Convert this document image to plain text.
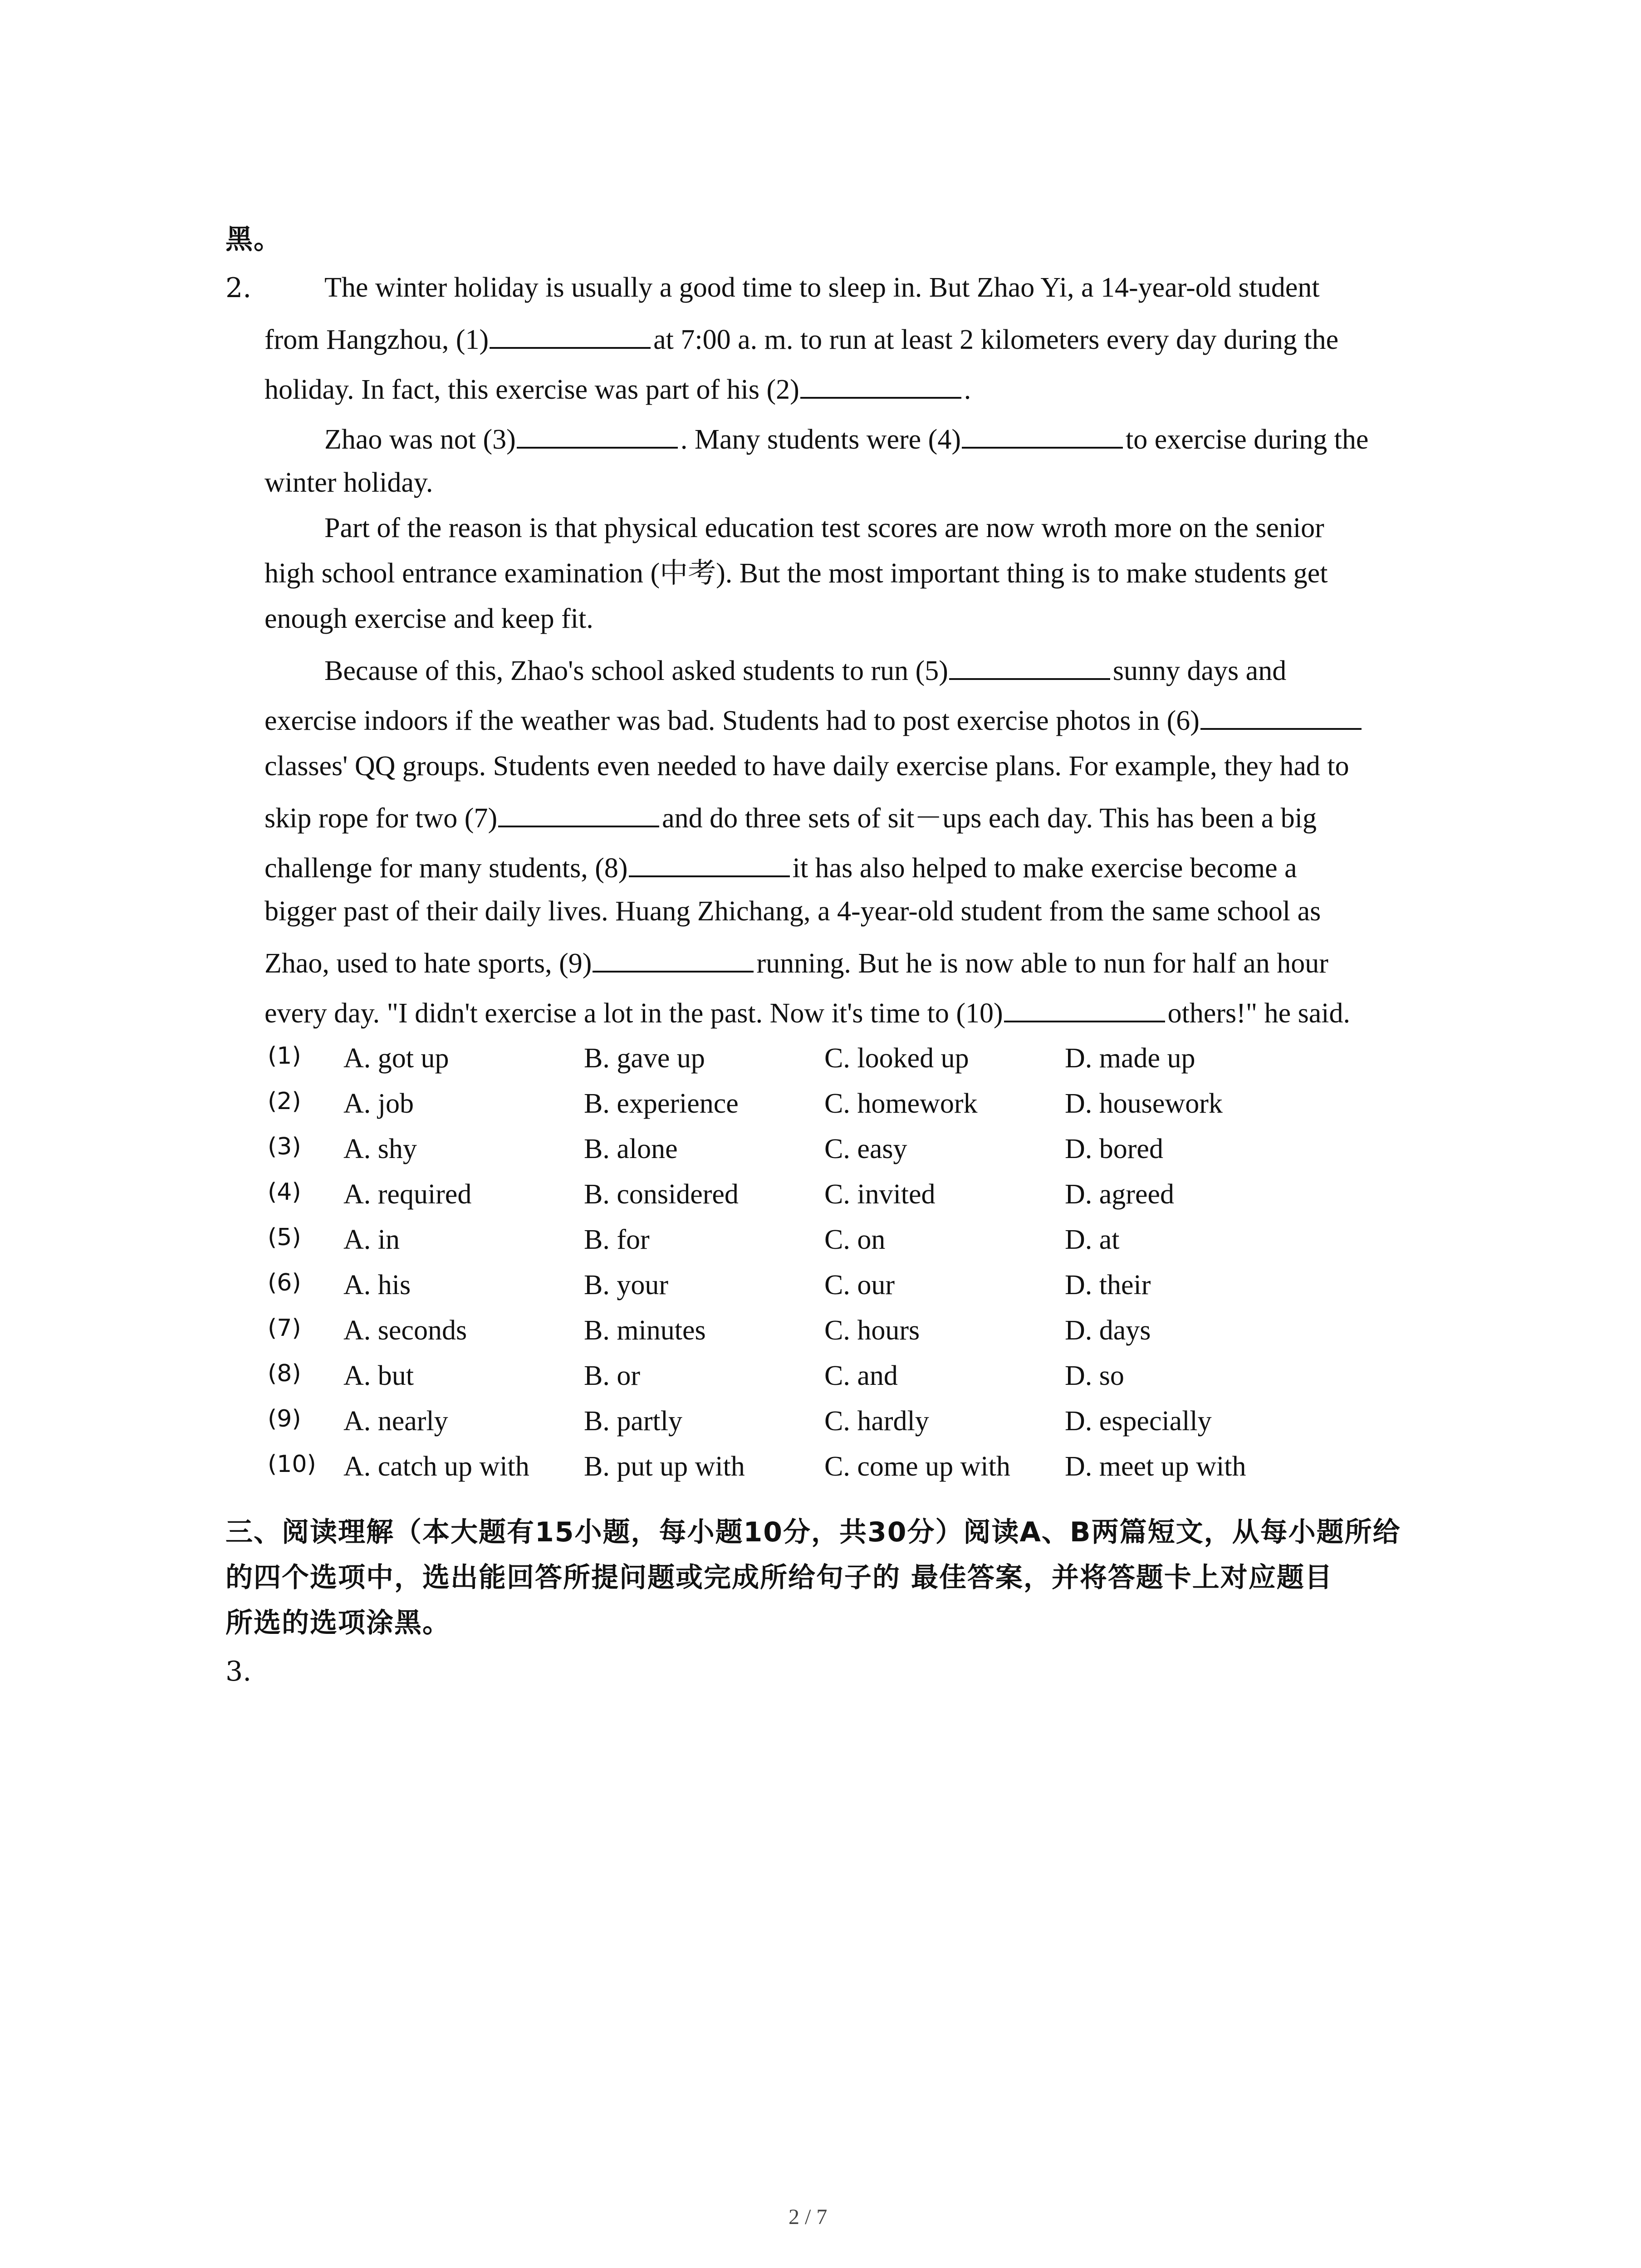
黑。
2.	The winter holiday is usually a good time to sleep in. But Zhao Yi, a 14-year-old student
from Hangzhou, (1)	at 7:00 a. m. to run at least 2 kilometers every day during the
holiday. In fact, this exercise was part of his (2)	.
Zhao was not (3)	. Many students were (4)	to exercise during the
winter holiday.
Part of the reason is that physical education test scores are now wroth more on the senior
high school entrance examination (中考). But the most important thing is to make students get
enough exercise and keep fit.
Because of this, Zhao's school asked students to run (5)	sunny days and
exercise indoors if the weather was bad. Students had to post exercise photos in (6)
classes' QQ groups. Students even needed to have daily exercise plans. For example, they had to
skip rope for two (7)	and do three sets of sit－ups each day. This has been a big
challenge for many students, (8)	it has also helped to make exercise become a
bigger past of their daily lives. Huang Zhichang, a 4-year-old student from the same school as
Zhao, used to hate sports, (9)	running. But he is now able to nun for half an hour
every day. "I didn't exercise a lot in the past. Now it's time to (10)	others!" he said.
(1) A. got up	B. gave up	C. looked up	D. made up
(2) A. job	B. experience	C. homework	D. housework
(3) A. shy	B. alone	C. easy	D. bored
(4) A. required	B. considered	C. invited	D. agreed
(5) A. in	B. for	C. on	D. at
(6) A. his	B. your	C. our	D. their
(7) A. seconds	B. minutes	C. hours	D. days
(8) A. but	B. or	C. and	D. so
(9) A. nearly	B. partly	C. hardly	D. especially
(10) A. catch up with B. put up with	C. come up with D. meet up with
三、阅读理解（本大题有15小题，每小题10分，共30分）阅读A、B两篇短文，从每小题所给
的四个选项中，选出能回答所提问题或完成所给句子的 最佳答案，并将答题卡上对应题目
所选的选项涂黑。
3.
2 / 7
